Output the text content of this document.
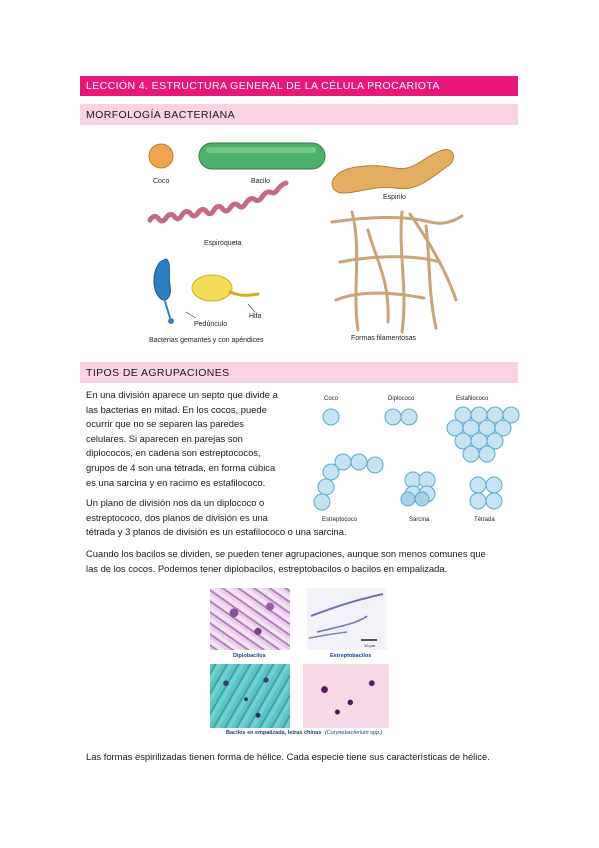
LECCIÓN 4. ESTRUCTURA GENERAL DE LA CÉLULA PROCARIOTA
MORFOLOGÍA BACTERIANA
Coco	Bacilo
Espirilo
Espiroqueta
Pedúnculo
Hifa
Bacterias gemantes y con apéndices	Formas filamentosas
TIPOS DE AGRUPACIONES
En una división aparece un septo que divide a
las bacterias en mitad. En los cocos, puede
ocurrir que no se separen las paredes
celulares. Si aparecen en parejas son
diplococos, en cadena son estreptococos,
grupos de 4 son una tétrada, en forma cúbica
es una sarcina y en racimo es estafilococo.
Un plano de división nos da un diplococo o
estreptococo, dos planos de división es una
tétrada y 3 planos de división es un estafilococo o una sarcina.
Coco	Diplococo	Estafilococo
Estreptococo	Sarcina	Tétrada
Cuando los bacilos se dividen, se pueden tener agrupaciones, aunque son menos comunes que
las de los cocos. Podemos tener diplobacilos, estreptobacilos o bacilos en empalizada.
Diplobacilos
10 µm
Estreptobacilos
Bacilos en empalizada, letras chinas (Corynebacterium spp.)
Las formas espirilizadas tienen forma de hélice. Cada especie tiene sus características de hélice.
